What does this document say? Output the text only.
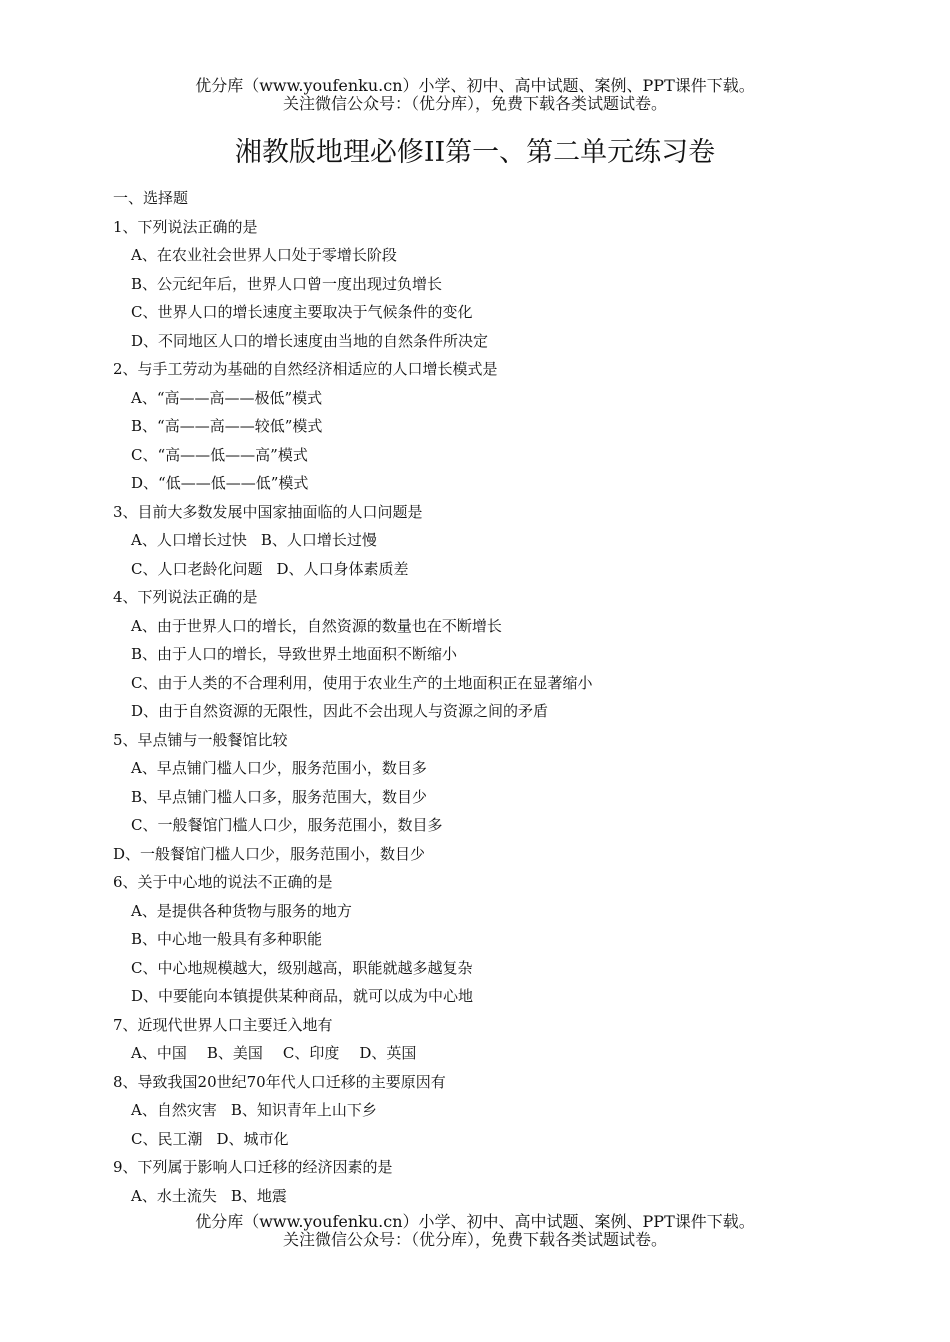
优分库（www.youfenku.cn）小学、初中、高中试题、案例、PPT课件下载。
关注微信公众号：（优分库），免费下载各类试题试卷。
湘教版地理必修II第一、第二单元练习卷
一、选择题
1、下列说法正确的是
A、在农业社会世界人口处于零增长阶段
B、公元纪年后，世界人口曾一度出现过负增长
C、世界人口的增长速度主要取决于气候条件的变化
D、不同地区人口的增长速度由当地的自然条件所决定
2、与手工劳动为基础的自然经济相适应的人口增长模式是
A、“高——高——极低”模式
B、“高——高——较低”模式
C、“高——低——高”模式
D、“低——低——低”模式
3、目前大多数发展中国家抽面临的人口问题是
A、人口增长过快 B、人口增长过慢
C、人口老龄化问题 D、人口身体素质差
4、下列说法正确的是
A、由于世界人口的增长，自然资源的数量也在不断增长
B、由于人口的增长，导致世界土地面积不断缩小
C、由于人类的不合理利用，使用于农业生产的土地面积正在显著缩小
D、由于自然资源的无限性，因此不会出现人与资源之间的矛盾
5、早点铺与一般餐馆比较
A、早点铺门槛人口少，服务范围小，数目多
B、早点铺门槛人口多，服务范围大，数目少
C、一般餐馆门槛人口少，服务范围小，数目多
D、一般餐馆门槛人口少，服务范围小，数目少
6、关于中心地的说法不正确的是
A、是提供各种货物与服务的地方
B、中心地一般具有多种职能
C、中心地规模越大，级别越高，职能就越多越复杂
D、中要能向本镇提供某种商品，就可以成为中心地
7、近现代世界人口主要迁入地有
A、中国 B、美国 C、印度 D、英国
8、导致我国20世纪70年代人口迁移的主要原因有
A、自然灾害 B、知识青年上山下乡
C、民工潮 D、城市化
9、下列属于影响人口迁移的经济因素的是
A、水土流失 B、地震
优分库（www.youfenku.cn）小学、初中、高中试题、案例、PPT课件下载。
关注微信公众号：（优分库），免费下载各类试题试卷。
